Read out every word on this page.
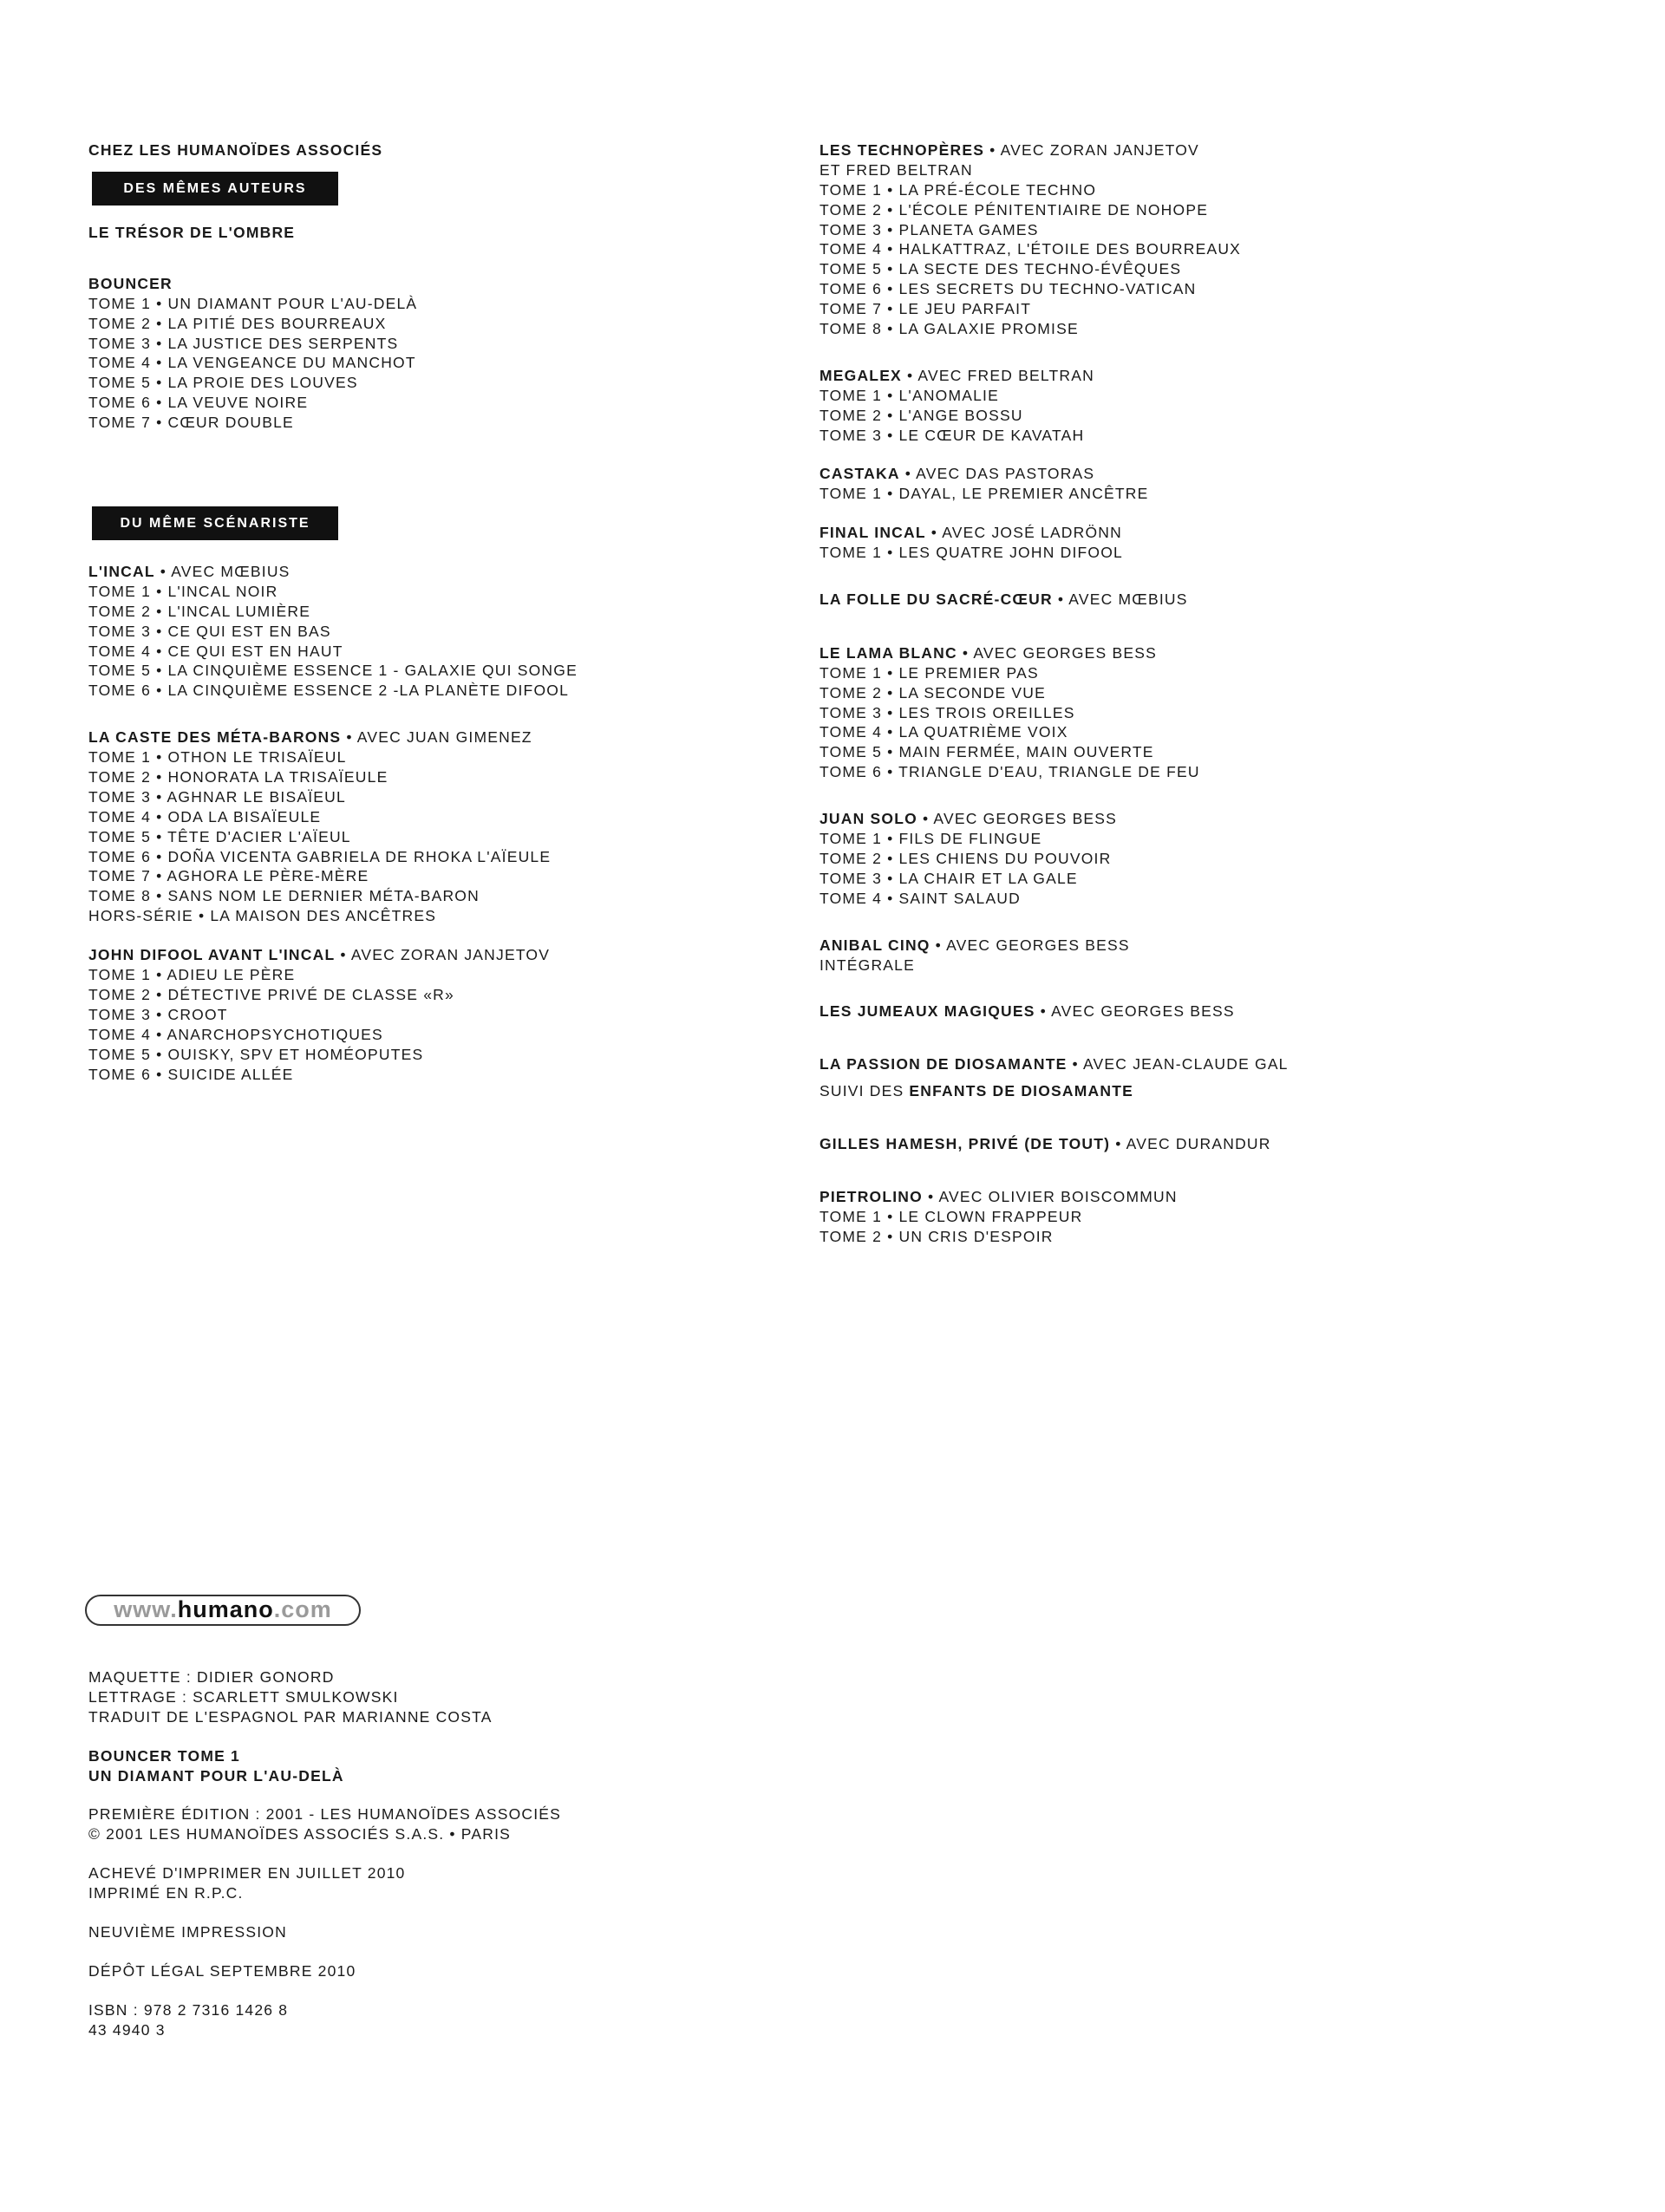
CHEZ LES HUMANOÏDES ASSOCIÉS
DES MÊMES AUTEURS
LE TRÉSOR DE L'OMBRE
BOUNCER
TOME 1 • UN DIAMANT POUR L'AU-DELÀ
TOME 2 • LA PITIÉ DES BOURREAUX
TOME 3 • LA JUSTICE DES SERPENTS
TOME 4 • LA VENGEANCE DU MANCHOT
TOME 5 • LA PROIE DES LOUVES
TOME 6 • LA VEUVE NOIRE
TOME 7 • CŒUR DOUBLE
DU MÊME SCÉNARISTE
L'INCAL • AVEC MŒBIUS
TOME 1 • L'INCAL NOIR
TOME 2 • L'INCAL LUMIÈRE
TOME 3 • CE QUI EST EN BAS
TOME 4 • CE QUI EST EN HAUT
TOME 5 • LA CINQUIÈME ESSENCE 1 - GALAXIE QUI SONGE
TOME 6 • LA CINQUIÈME ESSENCE 2 -LA PLANÈTE DIFOOL
LA CASTE DES MÉTA-BARONS • AVEC JUAN GIMENEZ
TOME 1 • OTHON LE TRISAÏEUL
TOME 2 • HONORATA LA TRISAÏEULE
TOME 3 • AGHNAR LE BISAÏEUL
TOME 4 • ODA LA BISAÏEULE
TOME 5 • TÊTE D'ACIER L'AÏEUL
TOME 6 • DOÑA VICENTA GABRIELA DE RHOKA L'AÏEULE
TOME 7 • AGHORA LE PÈRE-MÈRE
TOME 8 • SANS NOM LE DERNIER MÉTA-BARON
HORS-SÉRIE • LA MAISON DES ANCÊTRES
JOHN DIFOOL AVANT L'INCAL • AVEC ZORAN JANJETOV
TOME 1 • ADIEU LE PÈRE
TOME 2 • DÉTECTIVE PRIVÉ DE CLASSE «R»
TOME 3 • CROOT
TOME 4 • ANARCHOPSYCHOTIQUES
TOME 5 • OUISKY, SPV ET HOMÉOPUTES
TOME 6 • SUICIDE ALLÉE
LES TECHNOPÈRES • AVEC ZORAN JANJETOV
ET FRED BELTRAN
TOME 1 • LA PRÉ-ÉCOLE TECHNO
TOME 2 • L'ÉCOLE PÉNITENTIAIRE DE NOHOPE
TOME 3 • PLANETA GAMES
TOME 4 • HALKATTRAZ, L'ÉTOILE DES BOURREAUX
TOME 5 • LA SECTE DES TECHNO-ÉVÊQUES
TOME 6 • LES SECRETS DU TECHNO-VATICAN
TOME 7 • LE JEU PARFAIT
TOME 8 • LA GALAXIE PROMISE
MEGALEX • AVEC FRED BELTRAN
TOME 1 • L'ANOMALIE
TOME 2 • L'ANGE BOSSU
TOME 3 • LE CŒUR DE KAVATAH
CASTAKA • AVEC DAS PASTORAS
TOME 1 • DAYAL, LE PREMIER ANCÊTRE
FINAL INCAL • AVEC JOSÉ LADRÖNN
TOME 1 • LES QUATRE JOHN DIFOOL
LA FOLLE DU SACRÉ-CŒUR • AVEC MŒBIUS
LE LAMA BLANC • AVEC GEORGES BESS
TOME 1 • LE PREMIER PAS
TOME 2 • LA SECONDE VUE
TOME 3 • LES TROIS OREILLES
TOME 4 • LA QUATRIÈME VOIX
TOME 5 • MAIN FERMÉE, MAIN OUVERTE
TOME 6 • TRIANGLE D'EAU, TRIANGLE DE FEU
JUAN SOLO • AVEC GEORGES BESS
TOME 1 • FILS DE FLINGUE
TOME 2 • LES CHIENS DU POUVOIR
TOME 3 • LA CHAIR ET LA GALE
TOME 4 • SAINT SALAUD
ANIBAL CINQ • AVEC GEORGES BESS
INTÉGRALE
LES JUMEAUX MAGIQUES • AVEC GEORGES BESS
LA PASSION DE DIOSAMANTE • AVEC JEAN-CLAUDE GAL
SUIVI DES ENFANTS DE DIOSAMANTE
GILLES HAMESH, PRIVÉ (DE TOUT) • AVEC DURANDUR
PIETROLINO • AVEC OLIVIER BOISCOMMUN
TOME 1 • LE CLOWN FRAPPEUR
TOME 2 • UN CRIS D'ESPOIR
www.humano.com
MAQUETTE : DIDIER GONORD
LETTRAGE : SCARLETT SMULKOWSKI
TRADUIT DE L'ESPAGNOL PAR MARIANNE COSTA
BOUNCER TOME 1
UN DIAMANT POUR L'AU-DELÀ
PREMIÈRE ÉDITION : 2001 - LES HUMANOÏDES ASSOCIÉS
© 2001 LES HUMANOÏDES ASSOCIÉS S.A.S. • PARIS
ACHEVÉ D'IMPRIMER EN JUILLET 2010
IMPRIMÉ EN R.P.C.
NEUVIÈME IMPRESSION
DÉPÔT LÉGAL SEPTEMBRE 2010
ISBN : 978 2 7316 1426 8
43 4940 3
